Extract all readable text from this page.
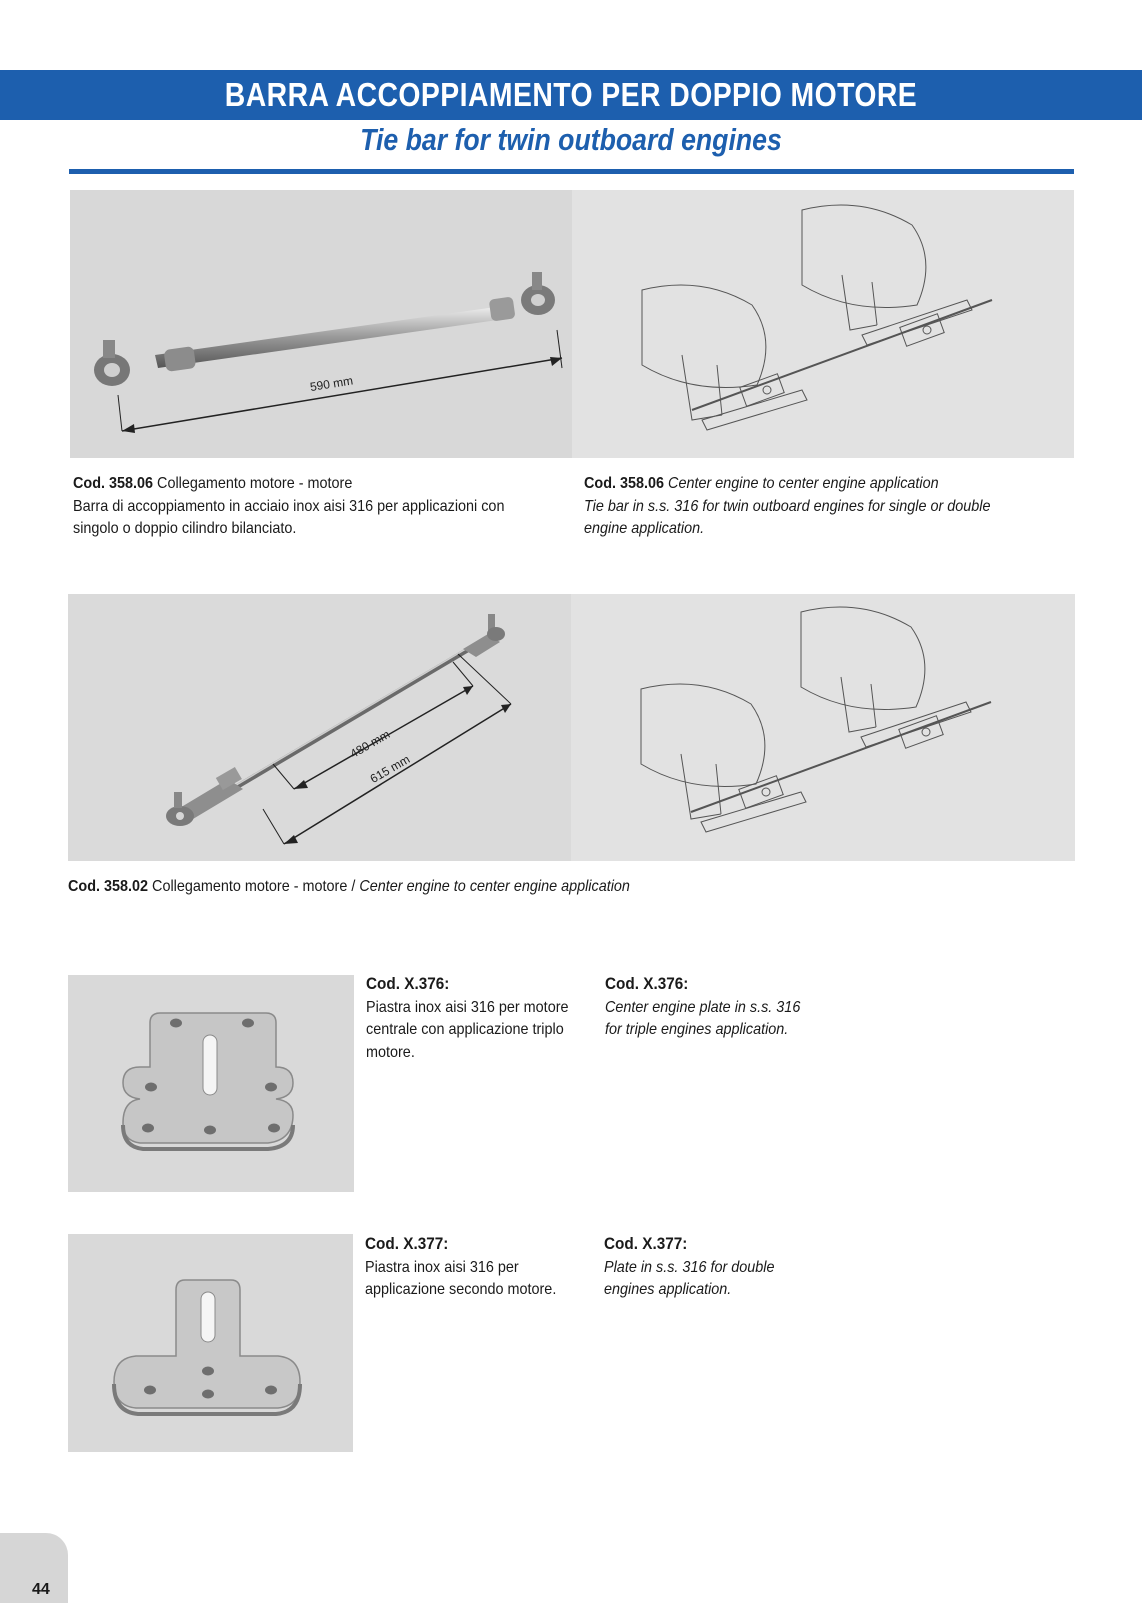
BARRA ACCOPPIAMENTO PER DOPPIO MOTORE
Tie bar for twin outboard engines
590 mm
Cod. 358.06 Collegamento motore - motore
Barra di accoppiamento in acciaio inox aisi 316 per applicazioni con
singolo o doppio cilindro bilanciato.
Cod. 358.06 Center engine to center engine application
Tie bar in s.s. 316 for twin outboard engines for single or double
engine application.
480 mm
615 mm
Cod. 358.02 Collegamento motore - motore / Center engine to center engine application
Cod. X.376:
Piastra inox aisi 316 per motore
centrale con applicazione triplo
motore.
Cod. X.376:
Center engine plate in s.s. 316
for triple engines application.
Cod. X.377:
Piastra inox aisi 316 per
applicazione secondo motore.
Cod. X.377:
Plate in s.s. 316 for double
engines application.
44
